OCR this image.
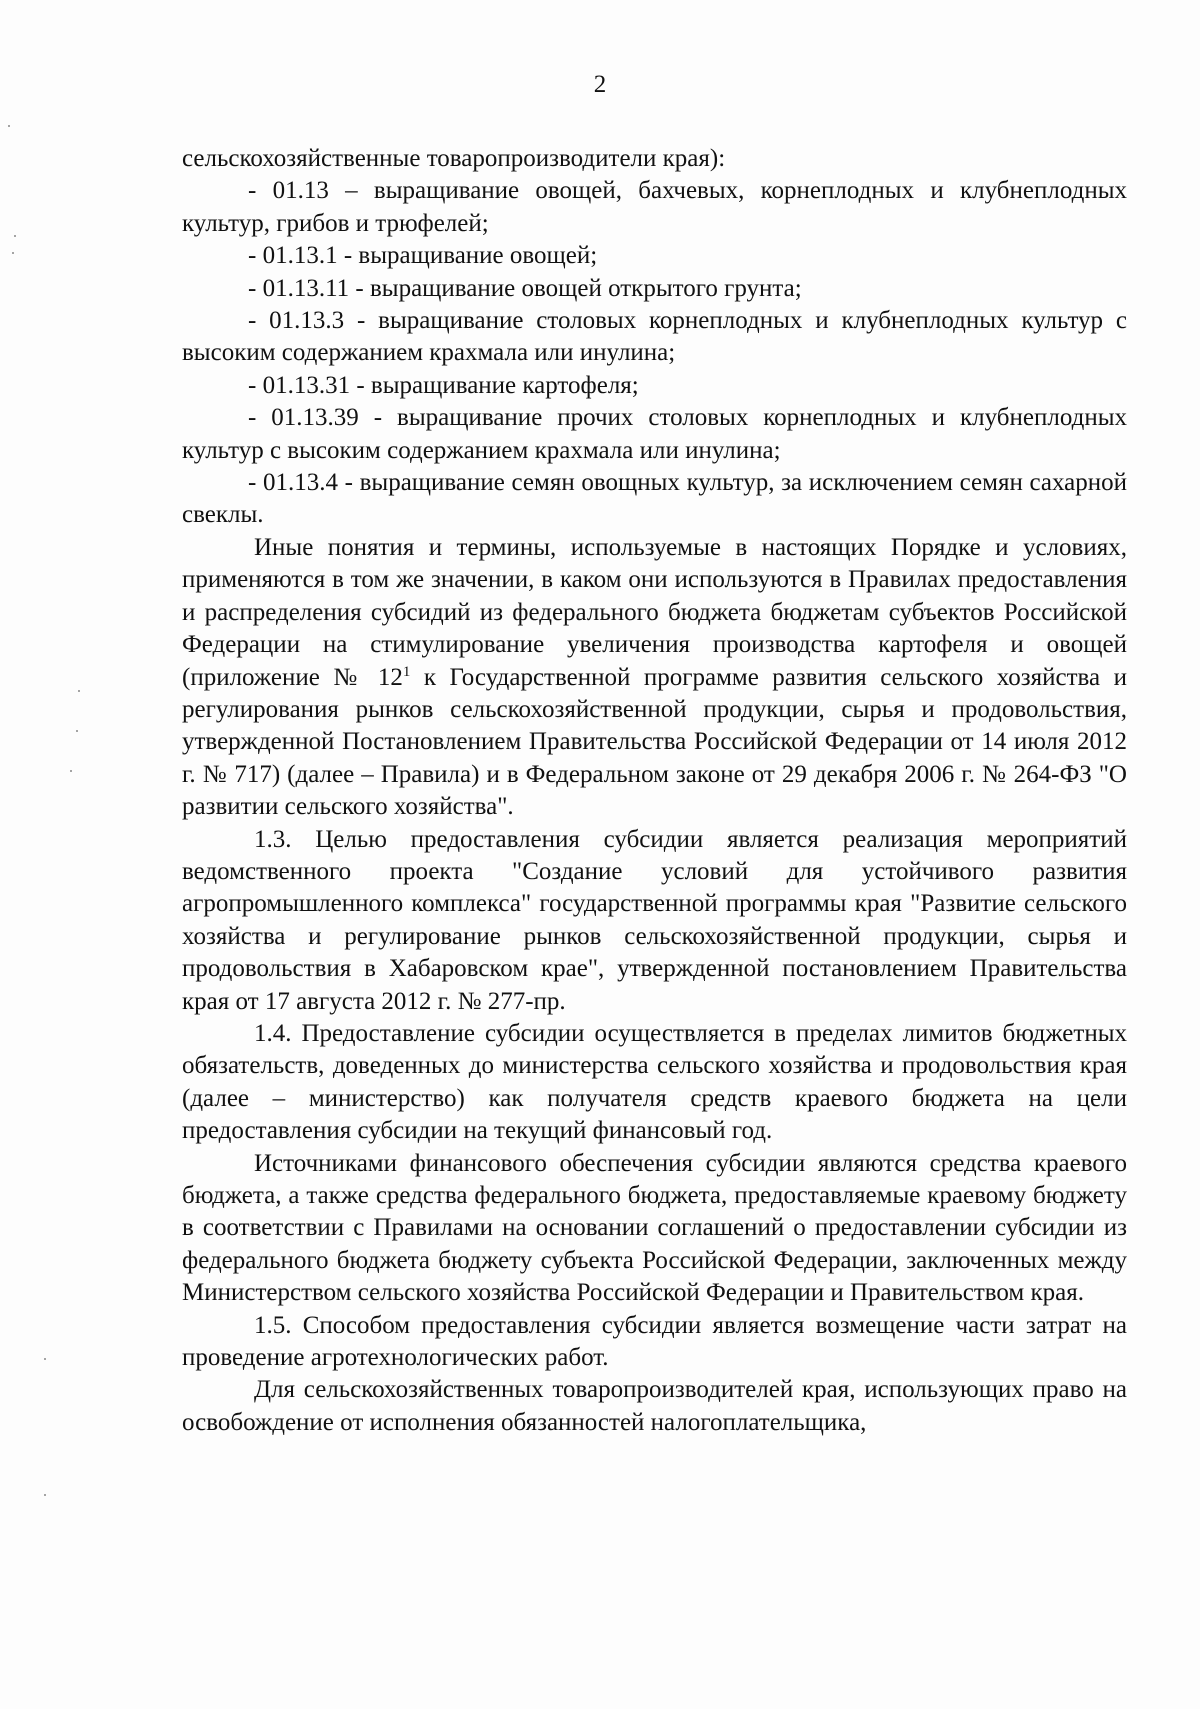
2

сельскохозяйственные товаропроизводители края):

- 01.13 – выращивание овощей, бахчевых, корнеплодных и клубнеплодных культур, грибов и трюфелей;

- 01.13.1 - выращивание овощей;

- 01.13.11 - выращивание овощей открытого грунта;

- 01.13.3 - выращивание столовых корнеплодных и клубнеплодных культур с высоким содержанием крахмала или инулина;

- 01.13.31 - выращивание картофеля;

- 01.13.39 - выращивание прочих столовых корнеплодных и клубнеплодных культур с высоким содержанием крахмала или инулина;

- 01.13.4 - выращивание семян овощных культур, за исключением семян сахарной свеклы.

Иные понятия и термины, используемые в настоящих Порядке и условиях, применяются в том же значении, в каком они используются в Правилах предоставления и распределения субсидий из федерального бюджета бюджетам субъектов Российской Федерации на стимулирование увеличения производства картофеля и овощей (приложение № $12^1$ к Государственной программе развития сельского хозяйства и регулирования рынков сельскохозяйственной продукции, сырья и продовольствия, утвержденной Постановлением Правительства Российской Федерации от 14 июля 2012 г. № 717) (далее – Правила) и в Федеральном законе от 29 декабря 2006 г. № 264-ФЗ "О развитии сельского хозяйства".

1.3. Целью предоставления субсидии является реализация мероприятий ведомственного проекта "Создание условий для устойчивого развития агропромышленного комплекса" государственной программы края "Развитие сельского хозяйства и регулирование рынков сельскохозяйственной продукции, сырья и продовольствия в Хабаровском крае", утвержденной постановлением Правительства края от 17 августа 2012 г. № 277-пр.

1.4. Предоставление субсидии осуществляется в пределах лимитов бюджетных обязательств, доведенных до министерства сельского хозяйства и продовольствия края (далее – министерство) как получателя средств краевого бюджета на цели предоставления субсидии на текущий финансовый год.

Источниками финансового обеспечения субсидии являются средства краевого бюджета, а также средства федерального бюджета, предоставляемые краевому бюджету в соответствии с Правилами на основании соглашений о предоставлении субсидии из федерального бюджета бюджету субъекта Российской Федерации, заключенных между Министерством сельского хозяйства Российской Федерации и Правительством края.

1.5. Способом предоставления субсидии является возмещение части затрат на проведение агротехнологических работ.

Для сельскохозяйственных товаропроизводителей края, использующих право на освобождение от исполнения обязанностей налогоплательщика,
